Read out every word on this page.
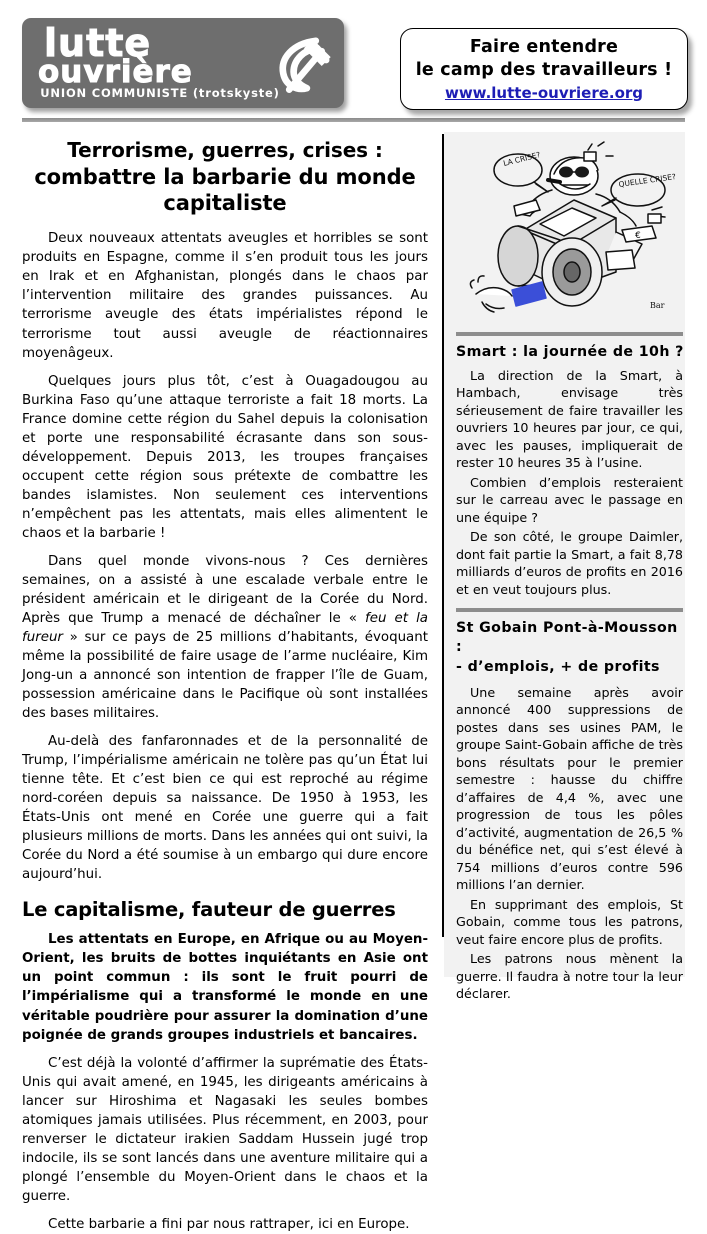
lutte
ouvrière
UNION COMMUNISTE (trotskyste)
Faire entendre
le camp des travailleurs !
www.lutte-ouvriere.org
Terrorisme, guerres, crises :
combattre la barbarie du monde capitaliste

Deux nouveaux attentats aveugles et horribles se sont produits en Espagne, comme il s’en produit tous les jours en Irak et en Afghanistan, plongés dans le chaos par l’intervention militaire des grandes puissances. Au terrorisme aveugle des états impérialistes répond le terrorisme tout aussi aveugle de réactionnaires moyenâgeux.

Quelques jours plus tôt, c’est à Ouagadougou au Burkina Faso qu’une attaque terroriste a fait 18 morts. La France domine cette région du Sahel depuis la colonisation et porte une responsabilité écrasante dans son sous-développement. Depuis 2013, les troupes françaises occupent cette région sous prétexte de combattre les bandes islamistes. Non seulement ces interventions n’empêchent pas les attentats, mais elles alimentent le chaos et la barbarie !

Dans quel monde vivons-nous ? Ces dernières semaines, on a assisté à une escalade verbale entre le président américain et le dirigeant de la Corée du Nord. Après que Trump a menacé de déchaîner le « feu et la fureur » sur ce pays de 25 millions d’habitants, évoquant même la possibilité de faire usage de l’arme nucléaire, Kim Jong-un a annoncé son intention de frapper l’île de Guam, possession américaine dans le Pacifique où sont installées des bases militaires.

Au-delà des fanfaronnades et de la personnalité de Trump, l’impérialisme américain ne tolère pas qu’un État lui tienne tête. Et c’est bien ce qui est reproché au régime nord-coréen depuis sa naissance. De 1950 à 1953, les États-Unis ont mené en Corée une guerre qui a fait plusieurs millions de morts. Dans les années qui ont suivi, la Corée du Nord a été soumise à un embargo qui dure encore aujourd’hui.

Le capitalisme, fauteur de guerres

Les attentats en Europe, en Afrique ou au Moyen-Orient, les bruits de bottes inquiétants en Asie ont un point commun : ils sont le fruit pourri de l’impérialisme qui a transformé le monde en une véritable poudrière pour assurer la domination d’une poignée de grands groupes industriels et bancaires.

C’est déjà la volonté d’affirmer la suprématie des États-Unis qui avait amené, en 1945, les dirigeants américains à lancer sur Hiroshima et Nagasaki les seules bombes atomiques jamais utilisées. Plus récemment, en 2003, pour renverser le dictateur irakien Saddam Hussein jugé trop indocile, ils se sont lancés dans une aventure militaire qui a plongé l’ensemble du Moyen-Orient dans le chaos et la guerre.

Cette barbarie a fini par nous rattraper, ici en Europe.

€
Bar
LA CRISE?
QUELLE CRISE?
Smart : la journée de 10h ?

La direction de la Smart, à Hambach, envisage très sérieusement de faire travailler les ouvriers 10 heures par jour, ce qui, avec les pauses, impliquerait de rester 10 heures 35 à l’usine.

Combien d’emplois resteraient sur le carreau avec le passage en une équipe ?

De son côté, le groupe Daimler, dont fait partie la Smart, a fait 8,78 milliards d’euros de profits en 2016 et en veut toujours plus.

St Gobain Pont-à-Mousson :
- d’emplois, + de profits

Une semaine après avoir annoncé 400 suppressions de postes dans ses usines PAM, le groupe Saint-Gobain affiche de très bons résultats pour le premier semestre : hausse du chiffre d’affaires de 4,4 %, avec une progression de tous les pôles d’activité, augmentation de 26,5 % du bénéfice net, qui s’est élevé à 754 millions d’euros contre 596 millions l’an dernier.

En supprimant des emplois, St Gobain, comme tous les patrons, veut faire encore plus de profits.

Les patrons nous mènent la guerre. Il faudra à notre tour la leur déclarer.
